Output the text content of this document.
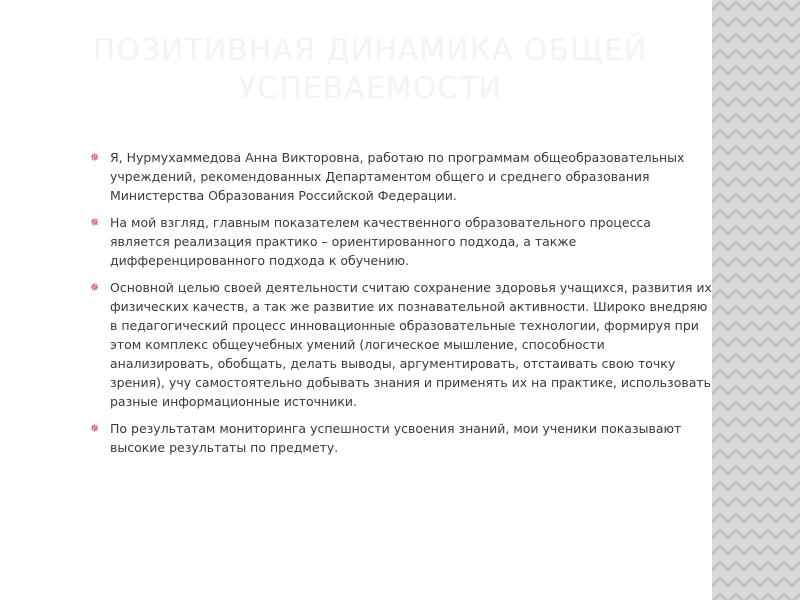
ПОЗИТИВНАЯ ДИНАМИКА ОБЩЕЙ
УСПЕВАЕМОСТИ
✵ Я, Нурмухаммедова Анна Викторовна, работаю по программам общеобразовательных
учреждений, рекомендованных Департаментом общего и среднего образования
Министерства Образования Российской Федерации.
✵ На мой взгляд, главным показателем качественного образовательного процесса
является реализация практико – ориентированного подхода, а также
дифференцированного подхода к обучению.
✵ Основной целью своей деятельности считаю сохранение здоровья учащихся, развития их
физических качеств, а так же развитие их познавательной активности. Широко внедряю
в педагогический процесс инновационные образовательные технологии, формируя при
этом комплекс общеучебных умений (логическое мышление, способности
анализировать, обобщать, делать выводы, аргументировать, отстаивать свою точку
зрения), учу самостоятельно добывать знания и применять их на практике, использовать
разные информационные источники.
✵ По результатам мониторинга успешности усвоения знаний, мои ученики показывают
высокие результаты по предмету.
